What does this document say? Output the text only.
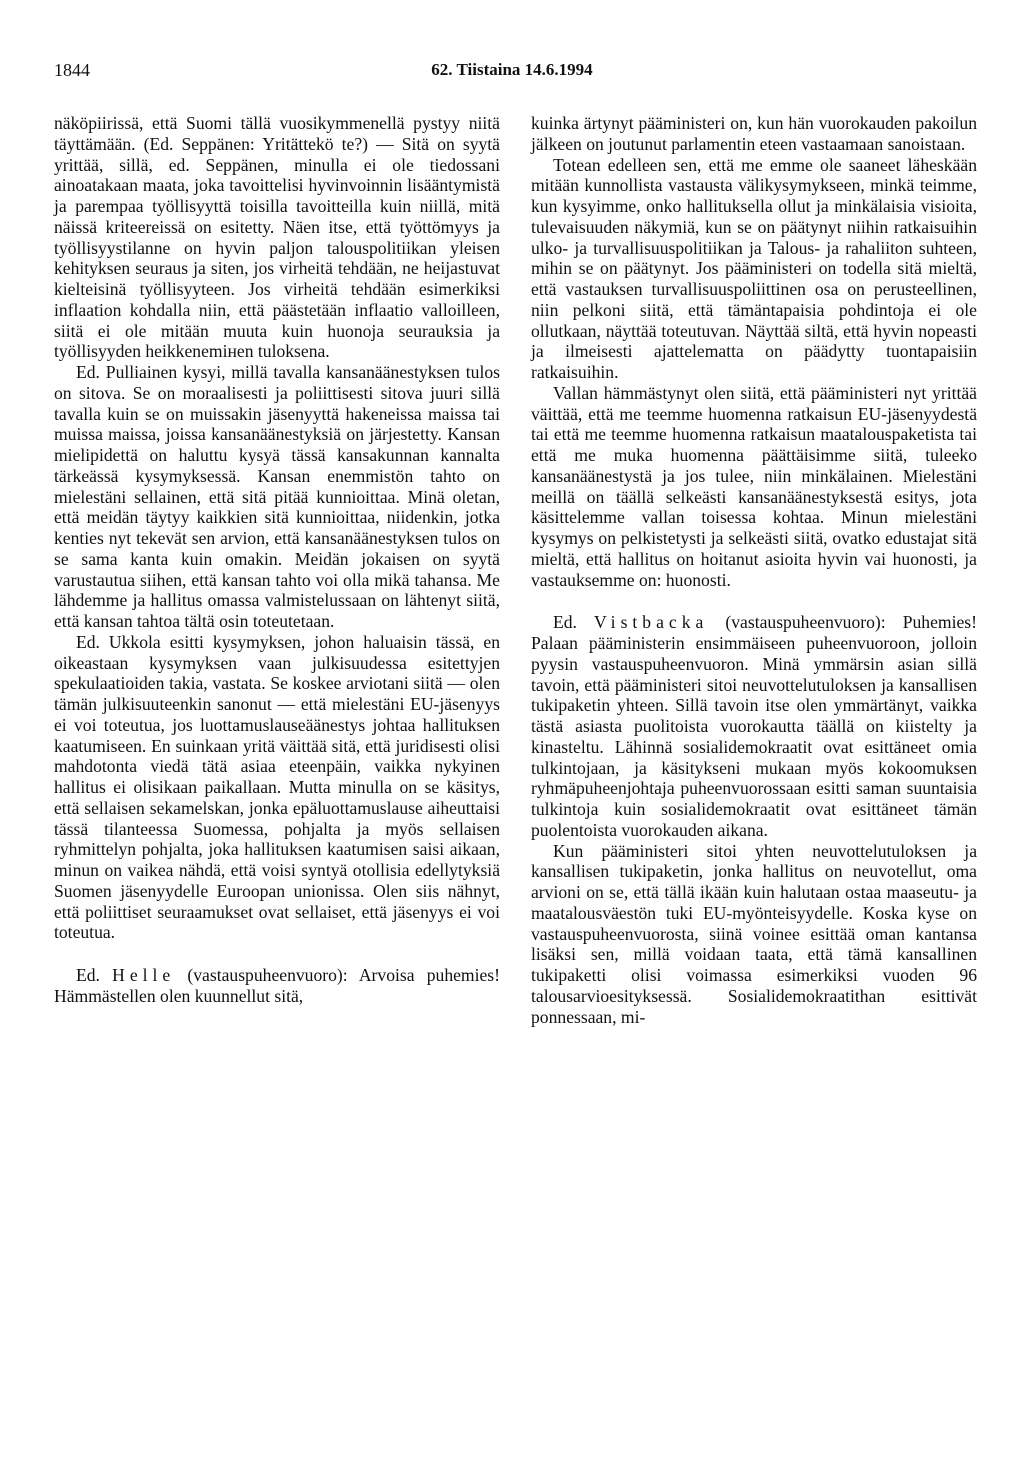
1844	62. Tiistaina 14.6.1994

näköpiirissä, että Suomi tällä vuosikymmenellä pystyy niitä täyttämään. (Ed. Seppänen: Yritättekö te?) — Sitä on syytä yrittää, sillä, ed. Seppänen, minulla ei ole tiedossani ainoatakaan maata, joka tavoittelisi hyvinvoinnin lisääntymistä ja parempaa työllisyyttä toisilla tavoitteilla kuin niillä, mitä näissä kriteereissä on esitetty. Näen itse, että työttömyys ja työllisyystilanne on hyvin paljon talouspolitiikan yleisen kehityksen seuraus ja siten, jos virheitä tehdään, ne heijastuvat kielteisinä työllisyyteen. Jos virheitä tehdään esimerkiksi inflaation kohdalla niin, että päästetään inflaatio valloilleen, siitä ei ole mitään muuta kuin huonoja seurauksia ja työllisyyden heikkenemінen tuloksena.

Ed. Pulliainen kysyi, millä tavalla kansanäänestyksen tulos on sitova. Se on moraalisesti ja poliittisesti sitova juuri sillä tavalla kuin se on muissakin jäsenyyttä hakeneissa maissa tai muissa maissa, joissa kansanäänestyksiä on järjestetty. Kansan mielipidettä on haluttu kysyä tässä kansakunnan kannalta tärkeässä kysymyksessä. Kansan enemmistön tahto on mielestäni sellainen, että sitä pitää kunnioittaa. Minä oletan, että meidän täytyy kaikkien sitä kunnioittaa, niidenkin, jotka kenties nyt tekevät sen arvion, että kansanäänestyksen tulos on se sama kanta kuin omakin. Meidän jokaisen on syytä varustautua siihen, että kansan tahto voi olla mikä tahansa. Me lähdemme ja hallitus omassa valmistelussaan on lähtenyt siitä, että kansan tahtoa tältä osin toteutetaan.

Ed. Ukkola esitti kysymyksen, johon haluaisin tässä, en oikeastaan kysymyksen vaan julkisuudessa esitettyjen spekulaatioiden takia, vastata. Se koskee arviotani siitä — olen tämän julkisuuteenkin sanonut — että mielestäni EU-jäsenyys ei voi toteutua, jos luottamuslauseäänestys johtaa hallituksen kaatumiseen. En suinkaan yritä väittää sitä, että juridisesti olisi mahdotonta viedä tätä asiaa eteenpäin, vaikka nykyinen hallitus ei olisikaan paikallaan. Mutta minulla on se käsitys, että sellaisen sekamelskan, jonka epäluottamuslause aiheuttaisi tässä tilanteessa Suomessa, pohjalta ja myös sellaisen ryhmittelyn pohjalta, joka hallituksen kaatumisen saisi aikaan, minun on vaikea nähdä, että voisi syntyä otollisia edellytyksiä Suomen jäsenyydelle Euroopan unionissa. Olen siis nähnyt, että poliittiset seuraamukset ovat sellaiset, että jäsenyys ei voi toteutua.

Ed. Helle (vastauspuheenvuoro): Arvoisa puhemies! Hämmästellen olen kuunnellut sitä,

kuinka ärtynyt pääministeri on, kun hän vuorokauden pakoilun jälkeen on joutunut parlamentin eteen vastaamaan sanoistaan.

Totean edelleen sen, että me emme ole saaneet läheskään mitään kunnollista vastausta välikysymykseen, minkä teimme, kun kysyimme, onko hallituksella ollut ja minkälaisia visioita, tulevaisuuden näkymiä, kun se on päätynyt niihin ratkaisuihin ulko- ja turvallisuuspolitiikan ja Talous- ja rahaliiton suhteen, mihin se on päätynyt. Jos pääministeri on todella sitä mieltä, että vastauksen turvallisuuspoliittinen osa on perusteellinen, niin pelkoni siitä, että tämäntapaisia pohdintoja ei ole ollutkaan, näyttää toteutuvan. Näyttää siltä, että hyvin nopeasti ja ilmeisesti ajattelematta on päädytty tuontapaisiin ratkaisuihin.

Vallan hämmästynyt olen siitä, että pääministeri nyt yrittää väittää, että me teemme huomenna ratkaisun EU-jäsenyydestä tai että me teemme huomenna ratkaisun maatalouspaketista tai että me muka huomenna päättäisimme siitä, tuleeko kansanäänestystä ja jos tulee, niin minkälainen. Mielestäni meillä on täällä selkeästi kansanäänestyksestä esitys, jota käsittelemme vallan toisessa kohtaa. Minun mielestäni kysymys on pelkistetysti ja selkeästi siitä, ovatko edustajat sitä mieltä, että hallitus on hoitanut asioita hyvin vai huonosti, ja vastauksemme on: huonosti.

Ed. Vistbacka (vastauspuheenvuoro): Puhemies! Palaan pääministerin ensimmäiseen puheenvuoroon, jolloin pyysin vastauspuheenvuoron. Minä ymmärsin asian sillä tavoin, että pääministeri sitoi neuvottelutuloksen ja kansallisen tukipaketin yhteen. Sillä tavoin itse olen ymmärtänyt, vaikka tästä asiasta puolitoista vuorokautta täällä on kiistelty ja kinasteltu. Lähinnä sosialidemokraatit ovat esittäneet omia tulkintojaan, ja käsitykseni mukaan myös kokoomuksen ryhmäpuheenjohtaja puheenvuorossaan esitti saman suuntaisia tulkintoja kuin sosialidemokraatit ovat esittäneet tämän puolentoista vuorokauden aikana.

Kun pääministeri sitoi yhten neuvottelutuloksen ja kansallisen tukipaketin, jonka hallitus on neuvotellut, oma arvioni on se, että tällä ikään kuin halutaan ostaa maaseutu- ja maatalousväestön tuki EU-myönteisyydelle. Koska kyse on vastauspuheenvuorosta, siinä voinee esittää oman kantansa lisäksi sen, millä voidaan taata, että tämä kansallinen tukipaketti olisi voimassa esimerkiksi vuoden 96 talousarvioesityksessä. Sosialidemokraatithan esittivät ponnessaan, mi-
